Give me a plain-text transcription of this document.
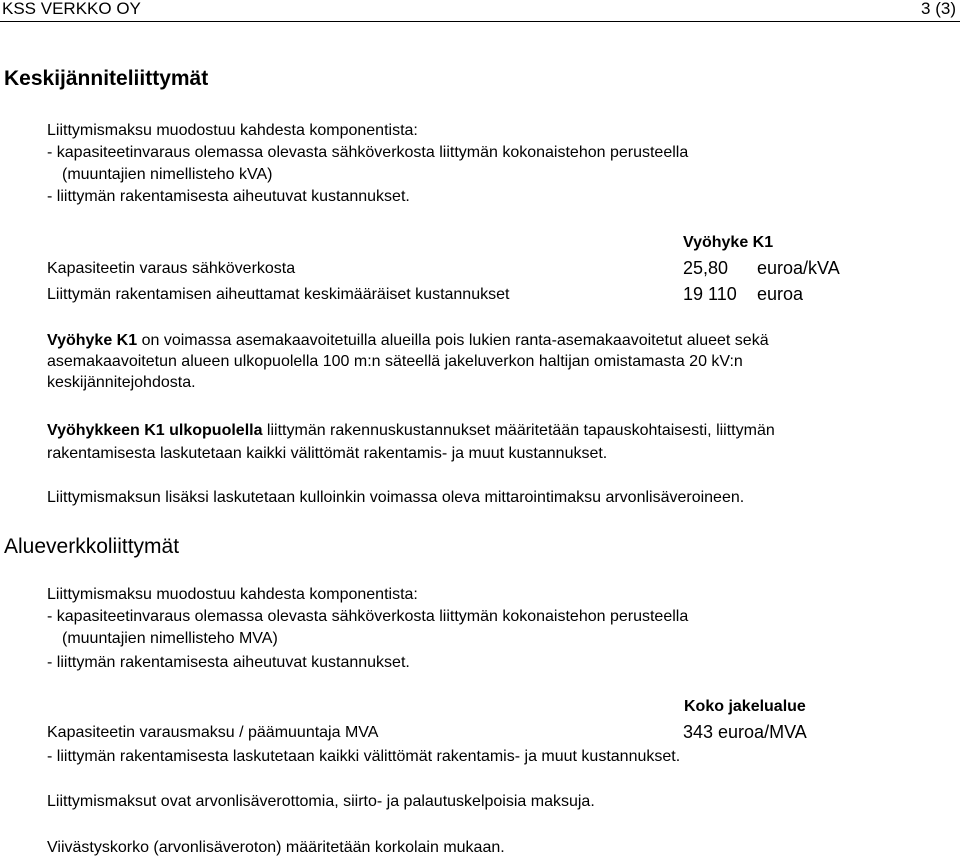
KSS VERKKO OY	3 (3)
Keskijänniteliittymät
Liittymismaksu muodostuu kahdesta komponentista:
- kapasiteetinvaraus olemassa olevasta sähköverkosta liittymän kokonaistehon perusteella
(muuntajien nimellisteho kVA)
- liittymän rakentamisesta aiheutuvat kustannukset.
Vyöhyke K1
Kapasiteetin varaus sähköverkosta	25,80 euroa/kVA
Liittymän rakentamisen aiheuttamat keskimääräiset kustannukset	19 110 euroa
Vyöhyke K1 on voimassa asemakaavoitetuilla alueilla pois lukien ranta-asemakaavoitetut alueet sekä
asemakaavoitetun alueen ulkopuolella 100 m:n säteellä jakeluverkon haltijan omistamasta 20 kV:n
keskijännitejohdosta.
Vyöhykkeen K1 ulkopuolella liittymän rakennuskustannukset määritetään tapauskohtaisesti, liittymän
rakentamisesta laskutetaan kaikki välittömät rakentamis- ja muut kustannukset.
Liittymismaksun lisäksi laskutetaan kulloinkin voimassa oleva mittarointimaksu arvonlisäveroineen.
Alueverkkoliittymät
Liittymismaksu muodostuu kahdesta komponentista:
- kapasiteetinvaraus olemassa olevasta sähköverkosta liittymän kokonaistehon perusteella
(muuntajien nimellisteho MVA)
- liittymän rakentamisesta aiheutuvat kustannukset.
Koko jakelualue
Kapasiteetin varausmaksu / päämuuntaja MVA	343 euroa/MVA
- liittymän rakentamisesta laskutetaan kaikki välittömät rakentamis- ja muut kustannukset.
Liittymismaksut ovat arvonlisäverottomia, siirto- ja palautuskelpoisia maksuja.
Viivästyskorko (arvonlisäveroton) määritetään korkolain mukaan.
